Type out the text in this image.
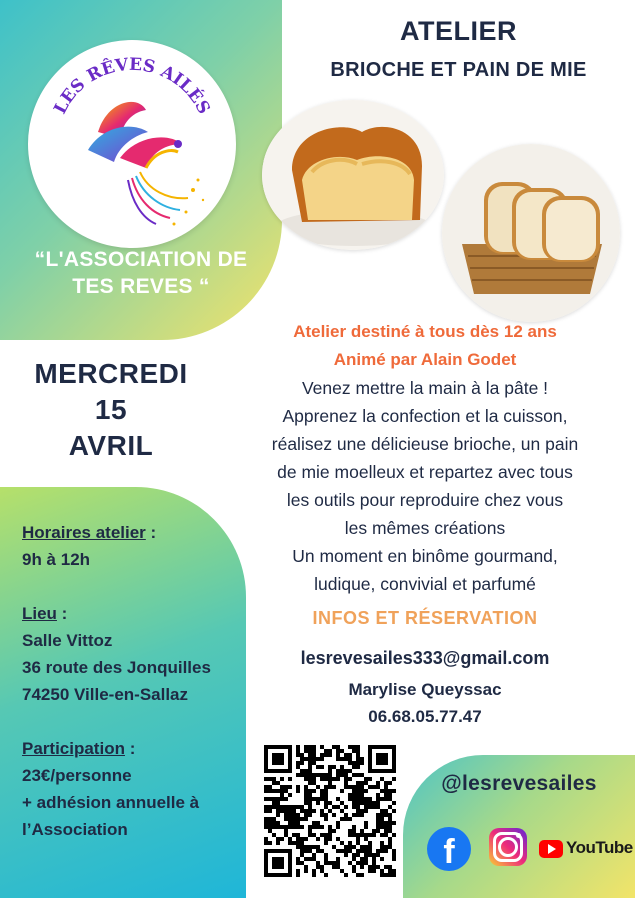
LES RÊVES AILÉS
“L'ASSOCIATION DE
TES REVES “
ATELIER
BRIOCHE ET PAIN DE MIE
MERCREDI
15
AVRIL
Atelier destiné à tous dès 12 ans
Animé par Alain Godet
Venez mettre la main à la pâte !
Apprenez la confection et la cuisson,
réalisez une délicieuse brioche, un pain
de mie moelleux et repartez avec tous
les outils pour reproduire chez vous
les mêmes créations
Un moment en binôme gourmand,
ludique, convivial et parfumé
INFOS ET RÉSERVATION
lesrevesailes333@gmail.com
Marylise Queyssac
06.68.05.77.47
Horaires atelier :
9h à 12h
Lieu :
Salle Vittoz
36 route des Jonquilles
74250 Ville-en-Sallaz
Participation :
23€/personne
+ adhésion annuelle à
l’Association
@lesrevesailes
f	YouTube
